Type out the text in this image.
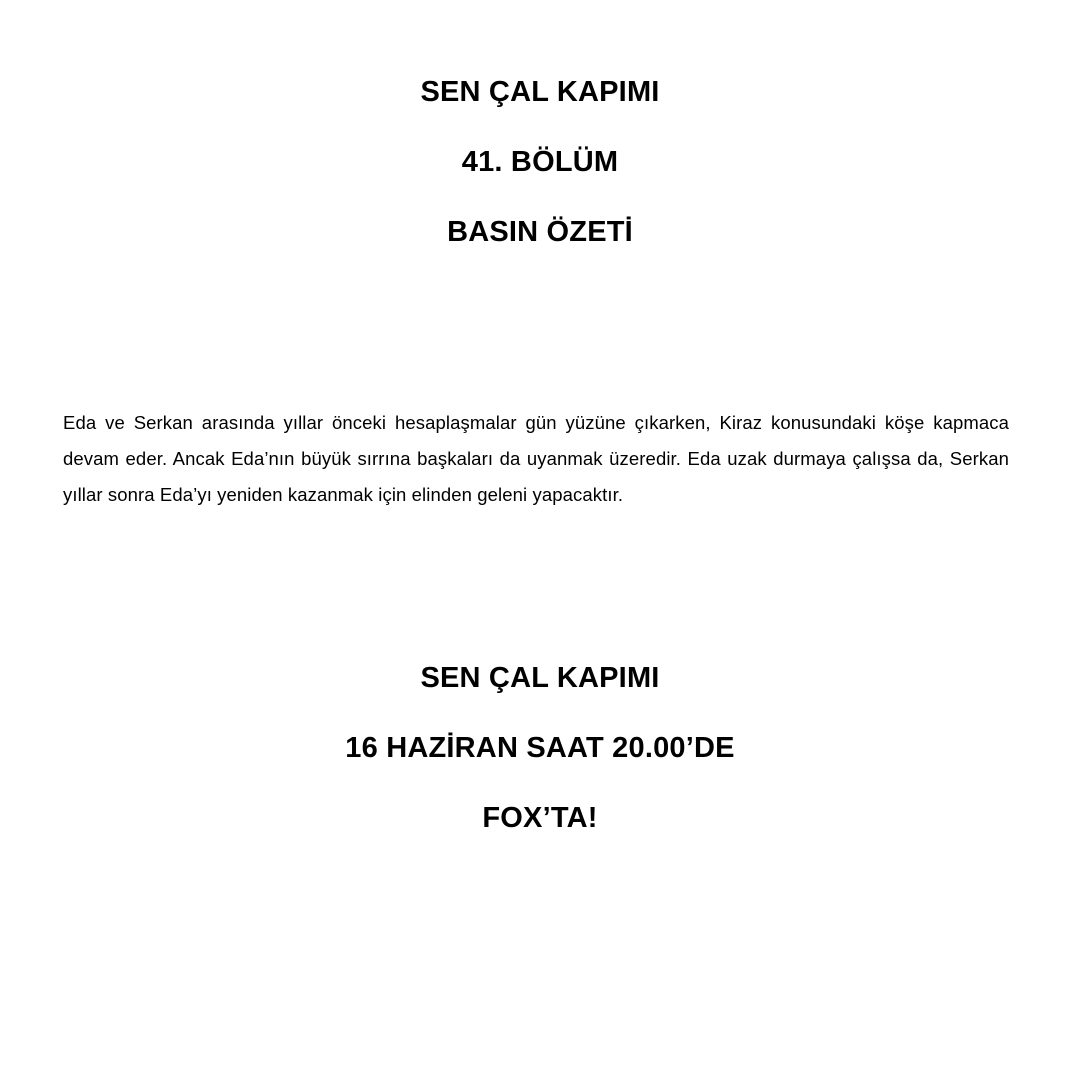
SEN ÇAL KAPIMI
41. BÖLÜM
BASIN ÖZETİ

Eda ve Serkan arasında yıllar önceki hesaplaşmalar gün yüzüne çıkarken, Kiraz konusundaki köşe kapmaca devam eder. Ancak Eda’nın büyük sırrına başkaları da uyanmak üzeredir. Eda uzak durmaya çalışsa da, Serkan yıllar sonra Eda’yı yeniden kazanmak için elinden geleni yapacaktır.

SEN ÇAL KAPIMI
16 HAZİRAN SAAT 20.00’DE
FOX’TA!
